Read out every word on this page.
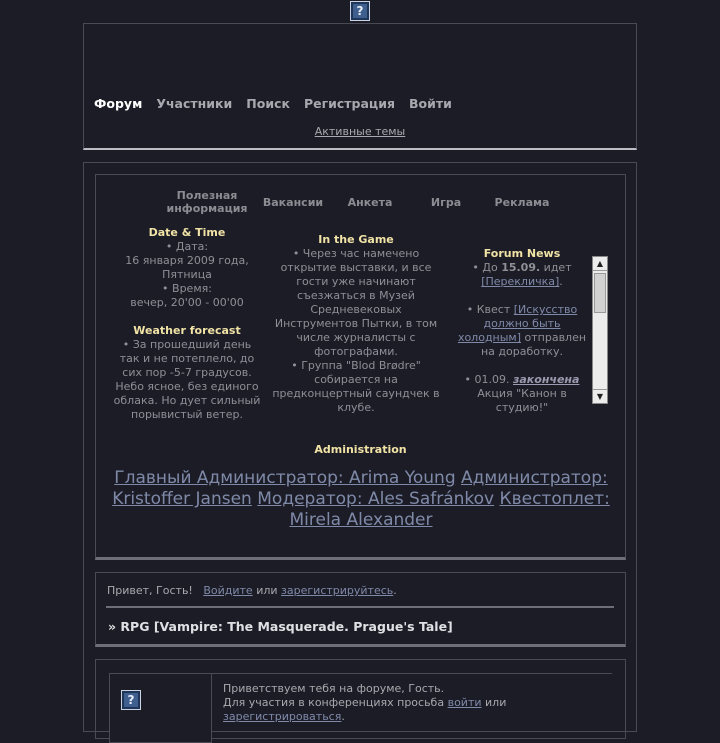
?
Форум Участники Поиск Регистрация Войти
Активные темы
Полезная информация	Вакансии	Анкета	Игра	Реклама
Date & Time

• Дата:

16 января 2009 года, Пятница

• Время:

вечер, 20'00 - 00'00

Weather forecast

• За прошедший день так и не потеплело, до сих пор -5-7 градусов. Небо ясное, без единого облака. Но дует сильный порывистый ветер.

In the Game

• Через час намечено открытие выставки, и все гости уже начинают съезжаться в Музей Средневековых Инструментов Пытки, в том числе журналисты с фотографами.

• Группа "Blod Brødre" собирается на предконцертный саундчек в клубе.

Forum News

• До 15.09. идет [Перекличка].

• Квест [Искусство должно быть холодным] отправлен на доработку.

• 01.09. закончена Акция "Канон в студию!"

▲
▼
Administration
Главный Администратор: Arima Young Администратор: Kristoffer Jansen Модератор: Ales Safránkov Квестоплет: Mirela Alexander
Привет, Гость! Войдите или зарегистрируйтесь.
» RPG [Vampire: The Masquerade. Prague's Tale]
?
Приветствуем тебя на форуме, Гость.
Для участия в конференциях просьба войти или
зарегистрироваться.
